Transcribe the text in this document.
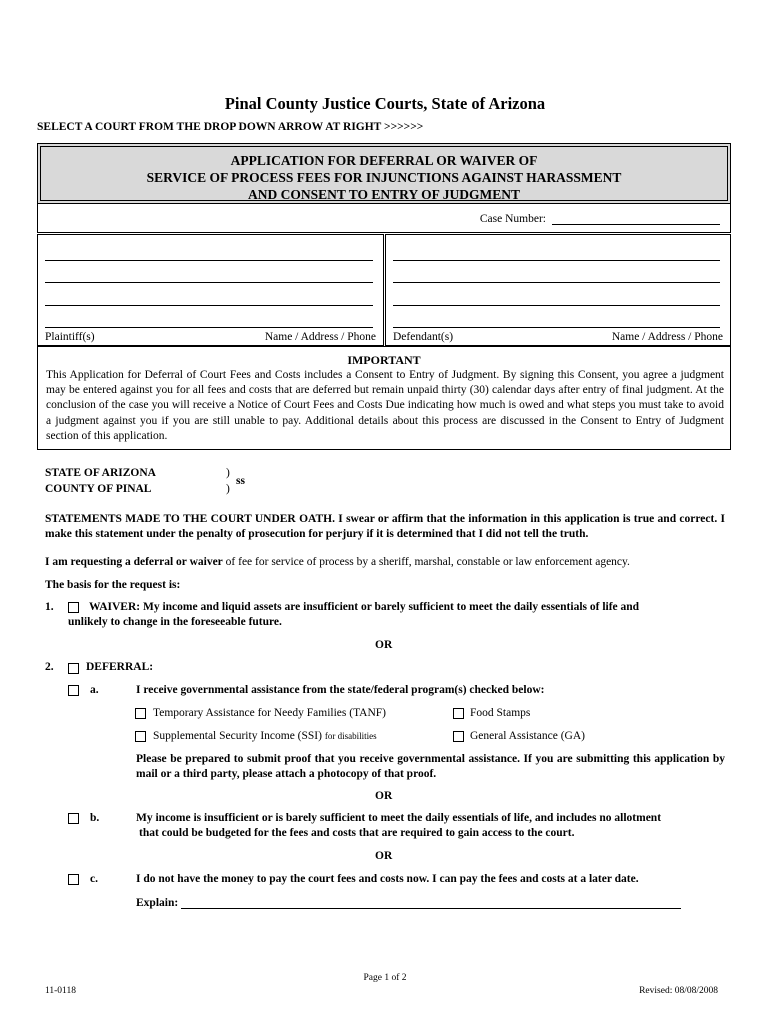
Pinal County Justice Courts, State of Arizona
SELECT A COURT FROM THE DROP DOWN ARROW AT RIGHT >>>>>>
APPLICATION FOR DEFERRAL OR WAIVER OF
SERVICE OF PROCESS FEES FOR INJUNCTIONS AGAINST HARASSMENT
AND CONSENT TO ENTRY OF JUDGMENT
Case Number:
Plaintiff(s)	Name / Address / Phone Defendant(s)	Name / Address / Phone
IMPORTANT
This Application for Deferral of Court Fees and Costs includes a Consent to Entry of Judgment. By signing this Consent, you agree a judgment may be entered against you for all fees and costs that are deferred but remain unpaid thirty (30) calendar days after entry of final judgment. At the conclusion of the case you will receive a Notice of Court Fees and Costs Due indicating how much is owed and what steps you must take to avoid a judgment against you if you are still unable to pay. Additional details about this process are discussed in the Consent to Entry of Judgment section of this application.
STATE OF ARIZONA
COUNTY OF PINAL
)
)
ss
STATEMENTS MADE TO THE COURT UNDER OATH. I swear or affirm that the information in this application is true and correct. I make this statement under the penalty of prosecution for perjury if it is determined that I did not tell the truth.
I am requesting a deferral or waiver of fee for service of process by a sheriff, marshal, constable or law enforcement agency.
The basis for the request is:
1.	WAIVER: My income and liquid assets are insufficient or barely sufficient to meet the daily essentials of life and
unlikely to change in the foreseeable future.
OR
2.	DEFERRAL:
a.	I receive governmental assistance from the state/federal program(s) checked below:
Temporary Assistance for Needy Families (TANF)	Food Stamps
Supplemental Security Income (SSI) for disabilities	General Assistance (GA)
Please be prepared to submit proof that you receive governmental assistance. If you are submitting this application by mail or a third party, please attach a photocopy of that proof.
OR
b.	My income is insufficient or is barely sufficient to meet the daily essentials of life, and includes no allotment
that could be budgeted for the fees and costs that are required to gain access to the court.
OR
c.	I do not have the money to pay the court fees and costs now. I can pay the fees and costs at a later date.
Explain:
Page 1 of 2
11-0118	Revised: 08/08/2008
